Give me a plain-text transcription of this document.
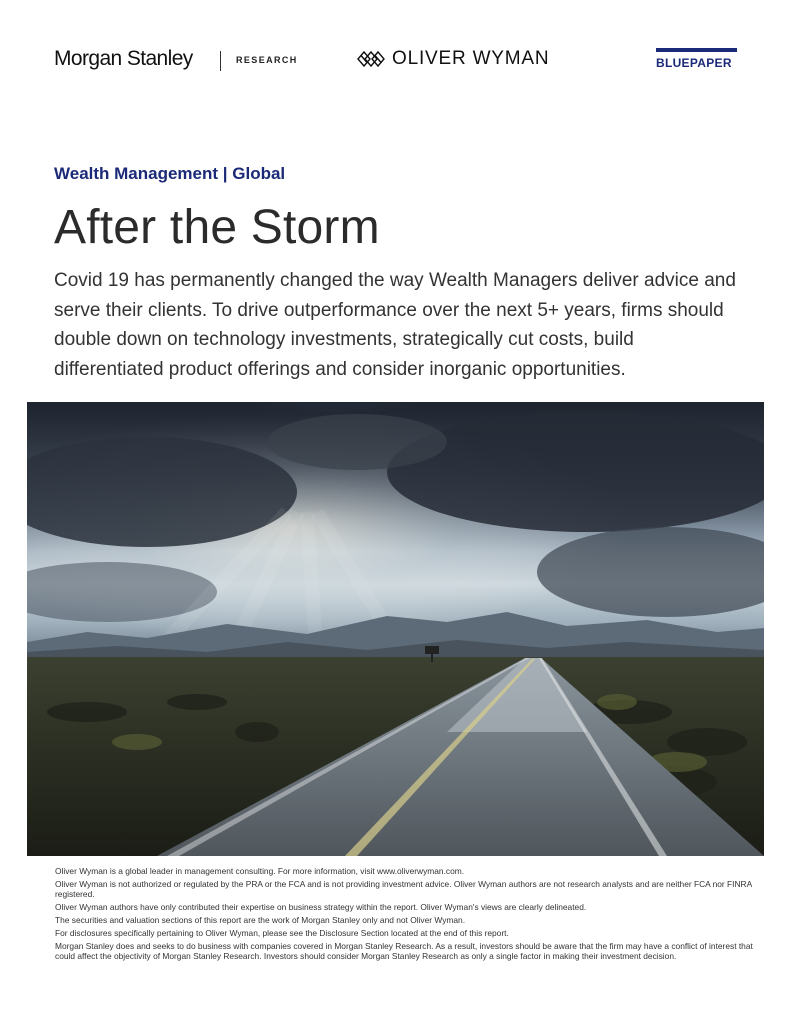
Morgan Stanley	RESEARCH	OLIVER WYMAN	BLUEPAPER
Wealth Management | Global
After the Storm

Covid 19 has permanently changed the way Wealth Managers deliver advice and serve their clients. To drive outperformance over the next 5+ years, firms should double down on technology investments, strategically cut costs, build differentiated product offerings and consider inorganic opportunities.

Oliver Wyman is a global leader in management consulting. For more information, visit www.oliverwyman.com.

Oliver Wyman is not authorized or regulated by the PRA or the FCA and is not providing investment advice. Oliver Wyman authors are not research analysts and are neither FCA nor FINRA registered.

Oliver Wyman authors have only contributed their expertise on business strategy within the report. Oliver Wyman's views are clearly delineated.

The securities and valuation sections of this report are the work of Morgan Stanley only and not Oliver Wyman.

For disclosures specifically pertaining to Oliver Wyman, please see the Disclosure Section located at the end of this report.

Morgan Stanley does and seeks to do business with companies covered in Morgan Stanley Research. As a result, investors should be aware that the firm may have a conflict of interest that could affect the objectivity of Morgan Stanley Research. Investors should consider Morgan Stanley Research as only a single factor in making their investment decision.
